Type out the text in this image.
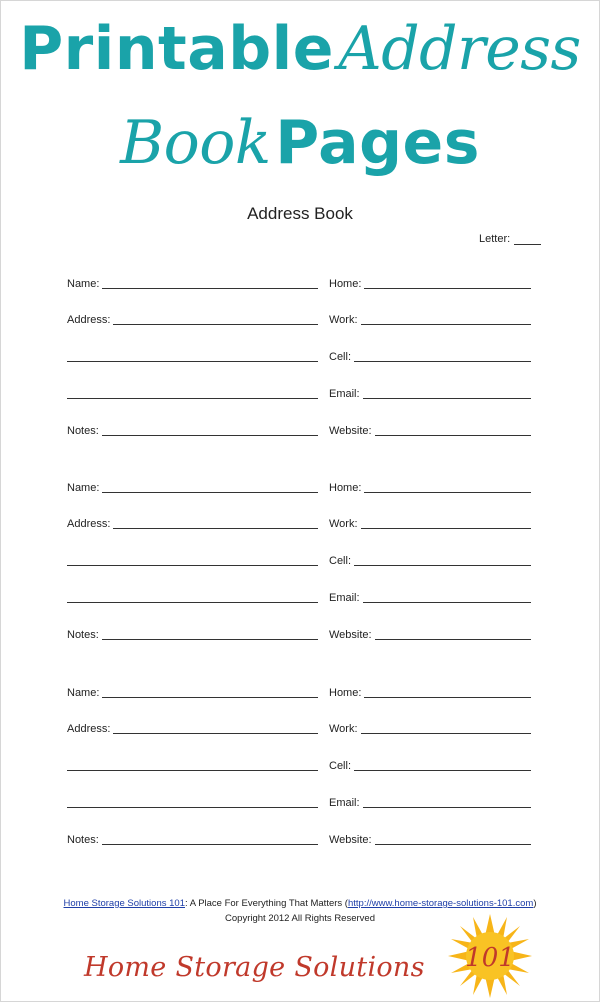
Printable Address
Book Pages
Address Book
Letter:
Name:
Address:
Notes:
Home:
Work:
Cell:
Email:
Website:
Name:
Address:
Notes:
Home:
Work:
Cell:
Email:
Website:
Name:
Address:
Notes:
Home:
Work:
Cell:
Email:
Website:
Home Storage Solutions 101: A Place For Everything That Matters (http://www.home-storage-solutions-101.com)
Copyright 2012 All Rights Reserved
Home Storage Solutions 101
